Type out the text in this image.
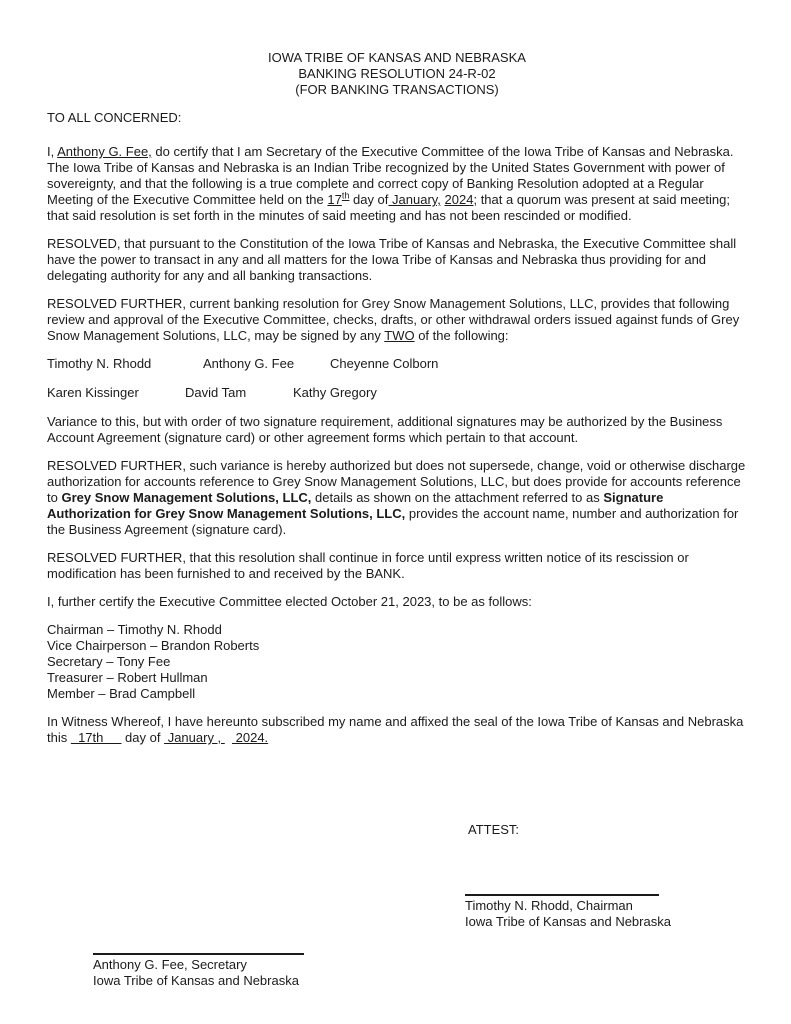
IOWA TRIBE OF KANSAS AND NEBRASKA
BANKING RESOLUTION 24-R-02
(FOR BANKING TRANSACTIONS)
TO ALL CONCERNED:
I, Anthony G. Fee, do certify that I am Secretary of the Executive Committee of the Iowa Tribe of Kansas and Nebraska. The Iowa Tribe of Kansas and Nebraska is an Indian Tribe recognized by the United States Government with power of sovereignty, and that the following is a true complete and correct copy of Banking Resolution adopted at a Regular Meeting of the Executive Committee held on the 17th day of January, 2024; that a quorum was present at said meeting; that said resolution is set forth in the minutes of said meeting and has not been rescinded or modified.
RESOLVED, that pursuant to the Constitution of the Iowa Tribe of Kansas and Nebraska, the Executive Committee shall have the power to transact in any and all matters for the Iowa Tribe of Kansas and Nebraska thus providing for and delegating authority for any and all banking transactions.
RESOLVED FURTHER, current banking resolution for Grey Snow Management Solutions, LLC, provides that following review and approval of the Executive Committee, checks, drafts, or other withdrawal orders issued against funds of Grey Snow Management Solutions, LLC, may be signed by any TWO of the following:
Timothy N. Rhodd	Anthony G. Fee	Cheyenne Colborn
Karen Kissinger	David Tam	Kathy Gregory
Variance to this, but with order of two signature requirement, additional signatures may be authorized by the Business Account Agreement (signature card) or other agreement forms which pertain to that account.
RESOLVED FURTHER, such variance is hereby authorized but does not supersede, change, void or otherwise discharge authorization for accounts reference to Grey Snow Management Solutions, LLC, but does provide for accounts reference to Grey Snow Management Solutions, LLC, details as shown on the attachment referred to as Signature Authorization for Grey Snow Management Solutions, LLC, provides the account name, number and authorization for the Business Agreement (signature card).
RESOLVED FURTHER, that this resolution shall continue in force until express written notice of its rescission or modification has been furnished to and received by the BANK.
I, further certify the Executive Committee elected October 21, 2023, to be as follows:
Chairman – Timothy N. Rhodd
Vice Chairperson – Brandon Roberts
Secretary – Tony Fee
Treasurer – Robert Hullman
Member – Brad Campbell
In Witness Whereof, I have hereunto subscribed my name and affixed the seal of the Iowa Tribe of Kansas and Nebraska this   17th      day of  January ,    2024.
ATTEST:
Timothy N. Rhodd, Chairman
Iowa Tribe of Kansas and Nebraska
Anthony G. Fee, Secretary
Iowa Tribe of Kansas and Nebraska
